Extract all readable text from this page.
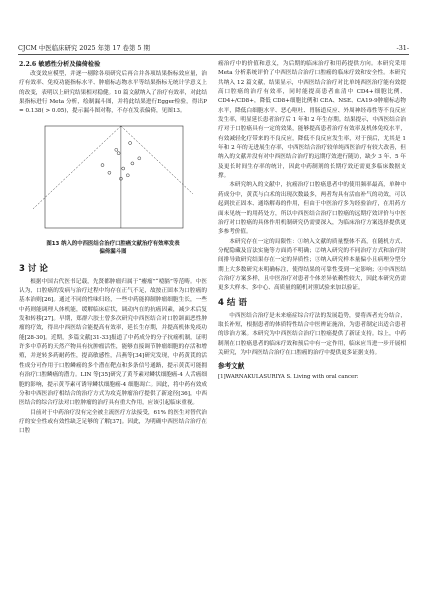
CJCM 中医临床研究 2025 年第 17 卷第 5 期	-31-

2.2.6 敏感性分析及偏倚检验

改变效应模型，并逐一剔除各项研究后再合并各项结果指标效应量，治疗有效率、免疫功能指标水平、肿瘤标志物水平等结果指标无统计学意义上的改变，表明以上研究结果相对稳健。10 篇文献纳入了治疗有效率，对此结果指标进行 Meta 分析，绘制漏斗图，并将此结果进行Egger检验，得出P = 0.138( > 0.05)，提示漏斗图对称，不存在发表偏倚，见图13。

图13 纳入的中西医结合治疗口腔癌文献治疗有效率发表
偏倚漏斗图
3 讨 论

根据中国古代医书记载，先贤都肿瘤归属于“瘿瘤”“噎膈”等范畴。中医认为，口腔癌的发病与治疗过程中均存在正气不足，故按正固本为口腔癌的基本治则[26]。通过不同的性味归经，一些中药能抑制肿瘤细胞生长，一些中药则能调理人体机能，缓解临床症状，调动内在的抗癌因素，减少术后复发和转移[27]。早期，郑群六胶士曾多次研究中西医结合对口腔颌面恶性肿瘤的疗效，得出中西医结合能提高有效率，延长生存期，并提高机体免疫功能[28-30]。近期，多篇文献[31-33]报道了中药成分的分子抗癌机制，证明许多中草药的天然产物具有抗肿瘤活性，能够直接调节肿瘤细胞的存活和增殖，并逆转多药耐药性，提高敏感性，吕燕等[34]研究发现，中药黄芪的活性成分可作用于口腔鳞癌的多个潜在靶点和多条信号通路，提示黄芪可能拥有治疗口腔鳞癌的潜力。LIN 等[35]研究了黄芩素对鳞状细胞癌-4 人舌癌细胞的影响，提示黄芩素可诱导鳞状细胞癌-4 细胞凋亡。因此，将中药有效成分和中西医治疗相结合的治疗方式为攻克肿瘤治疗提供了新途径[36]，中西医结合的综合疗法对口腔肿瘤的治疗具有重大作用，应该引起临床重视。

目前对于中药治疗没有完全被主流医疗方法接受，61% 的医生对替代治疗的安全性或有效性缺乏足够的了解[37]。因此，为明确中西医结合治疗在口腔

癌治疗中的价值和意义，为后期的临床治疗和用药提供方向。本研究采用 Meta 分析系统评价了中西医结合治疗口腔癌的临床疗效和安全性。本研究共纳入 12 篇文献，结果显示，中西医结合治疗对比单纯西医治疗能有效提高口腔癌的治疗有效率，同时能提高患者血清中 CD4+细胞比例、CD4+/CD8+，降低 CD8+细胞比例和 CEA、NSE、CA19-9肿瘤标志物水平，降低白细胞水平、恶心呕吐、胃肠道反应、外周神经毒性等不良反应发生率，明显延长患者治疗后 1 年和 2 年生存期。结果提示，中西医结合治疗对于口腔癌具有一定的效果，能够提高患者治疗有效率及机体免疫水平，有效减轻化疗带来的不良反应，降低不良反应发生率，对于预后，尤其是 1 年和 2 年的无进展生存率，中西医结合治疗较单纯西医治疗有较大改善，但纳入的文献并没有对中西医结合治疗的远期疗效进行随访，缺少 3 年、5 年及更长时间生存率的统计，因此中药制剂的长期疗效还需更多临床数据支撑。

本研究纳入的文献中，抗癌治疗口腔癌患者中的使用频率最高，单种中药成分中，黄芪与白术的出现次数最多，两者均具有活血补气的功效，可以起到扶正固本、通络解毒的作用，但由于中医治疗多为经验治疗，在用药方面未见统一的用药处方，所以中西医结合治疗口腔癌的远期疗效评价与中医治疗对口腔癌的具体作用机制研究仍需要深入，为临床治疗方案选择提供更多参考价值。

本研究存在一定的局限性：①纳入文献的质量整体不高，在随机方式、分配隐藏及盲法实施等方面尚不明确；②纳入研究的不同治疗方式和治疗时间排导致研究结果存在一定的异质性；③纳入研究样本量偏小且病理分型分期上大多数研究未明确标注，使得结果的可靠性受到一定影响；④中西医结合治疗方案多样，且中医治疗对患者个体差异依赖性较大，因此本研究仍需更多大样本、多中心、高质量的随机对照试验来加以验证。

4 结 语

中西医结合治疗是未来癌症综合疗法的发展趋势，要将西者充分结合，取长补短，根据患者的体质特性结合中医辨证施治，为患者制定出适合患者的诊治方案。本研究为中西医结合治疗口腔癌提供了新证支持。综上，中药制剂在口腔癌患者的临床疗效和预后中有一定作用，临床应当进一步开展相关研究，为中西医结合治疗在口腔癌的治疗中提供更多证据支持。

参考文献

[1]WARNAKULASURIYA S. Living with oral cancer:
